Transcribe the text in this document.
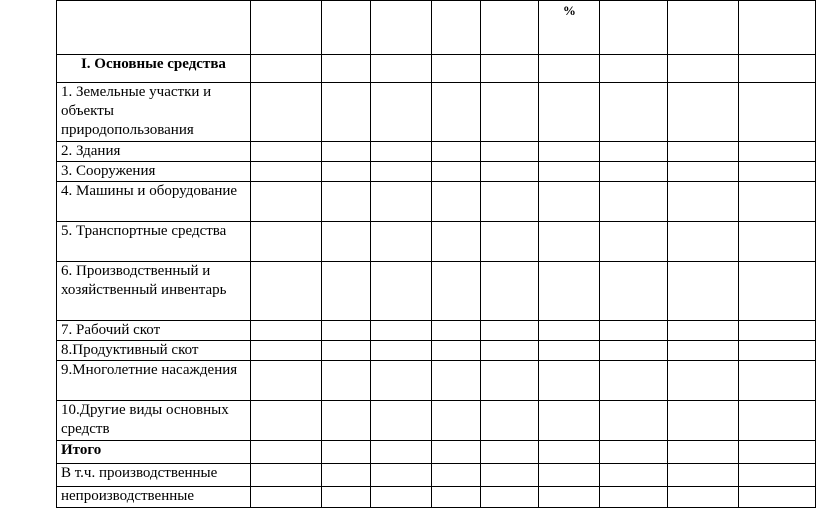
						%			
I. Основные средства									
1. Земельные участки и объекты природопользования									
2. Здания									
3. Сооружения									
4. Машины и оборудование									
5. Транспортные средства									
6. Производственный и хозяйственный инвентарь									
7. Рабочий скот									
8.Продуктивный скот									
9.Многолетние насаждения									
10.Другие виды основных средств									
Итого									
В т.ч. производственные									
непроизводственные									
